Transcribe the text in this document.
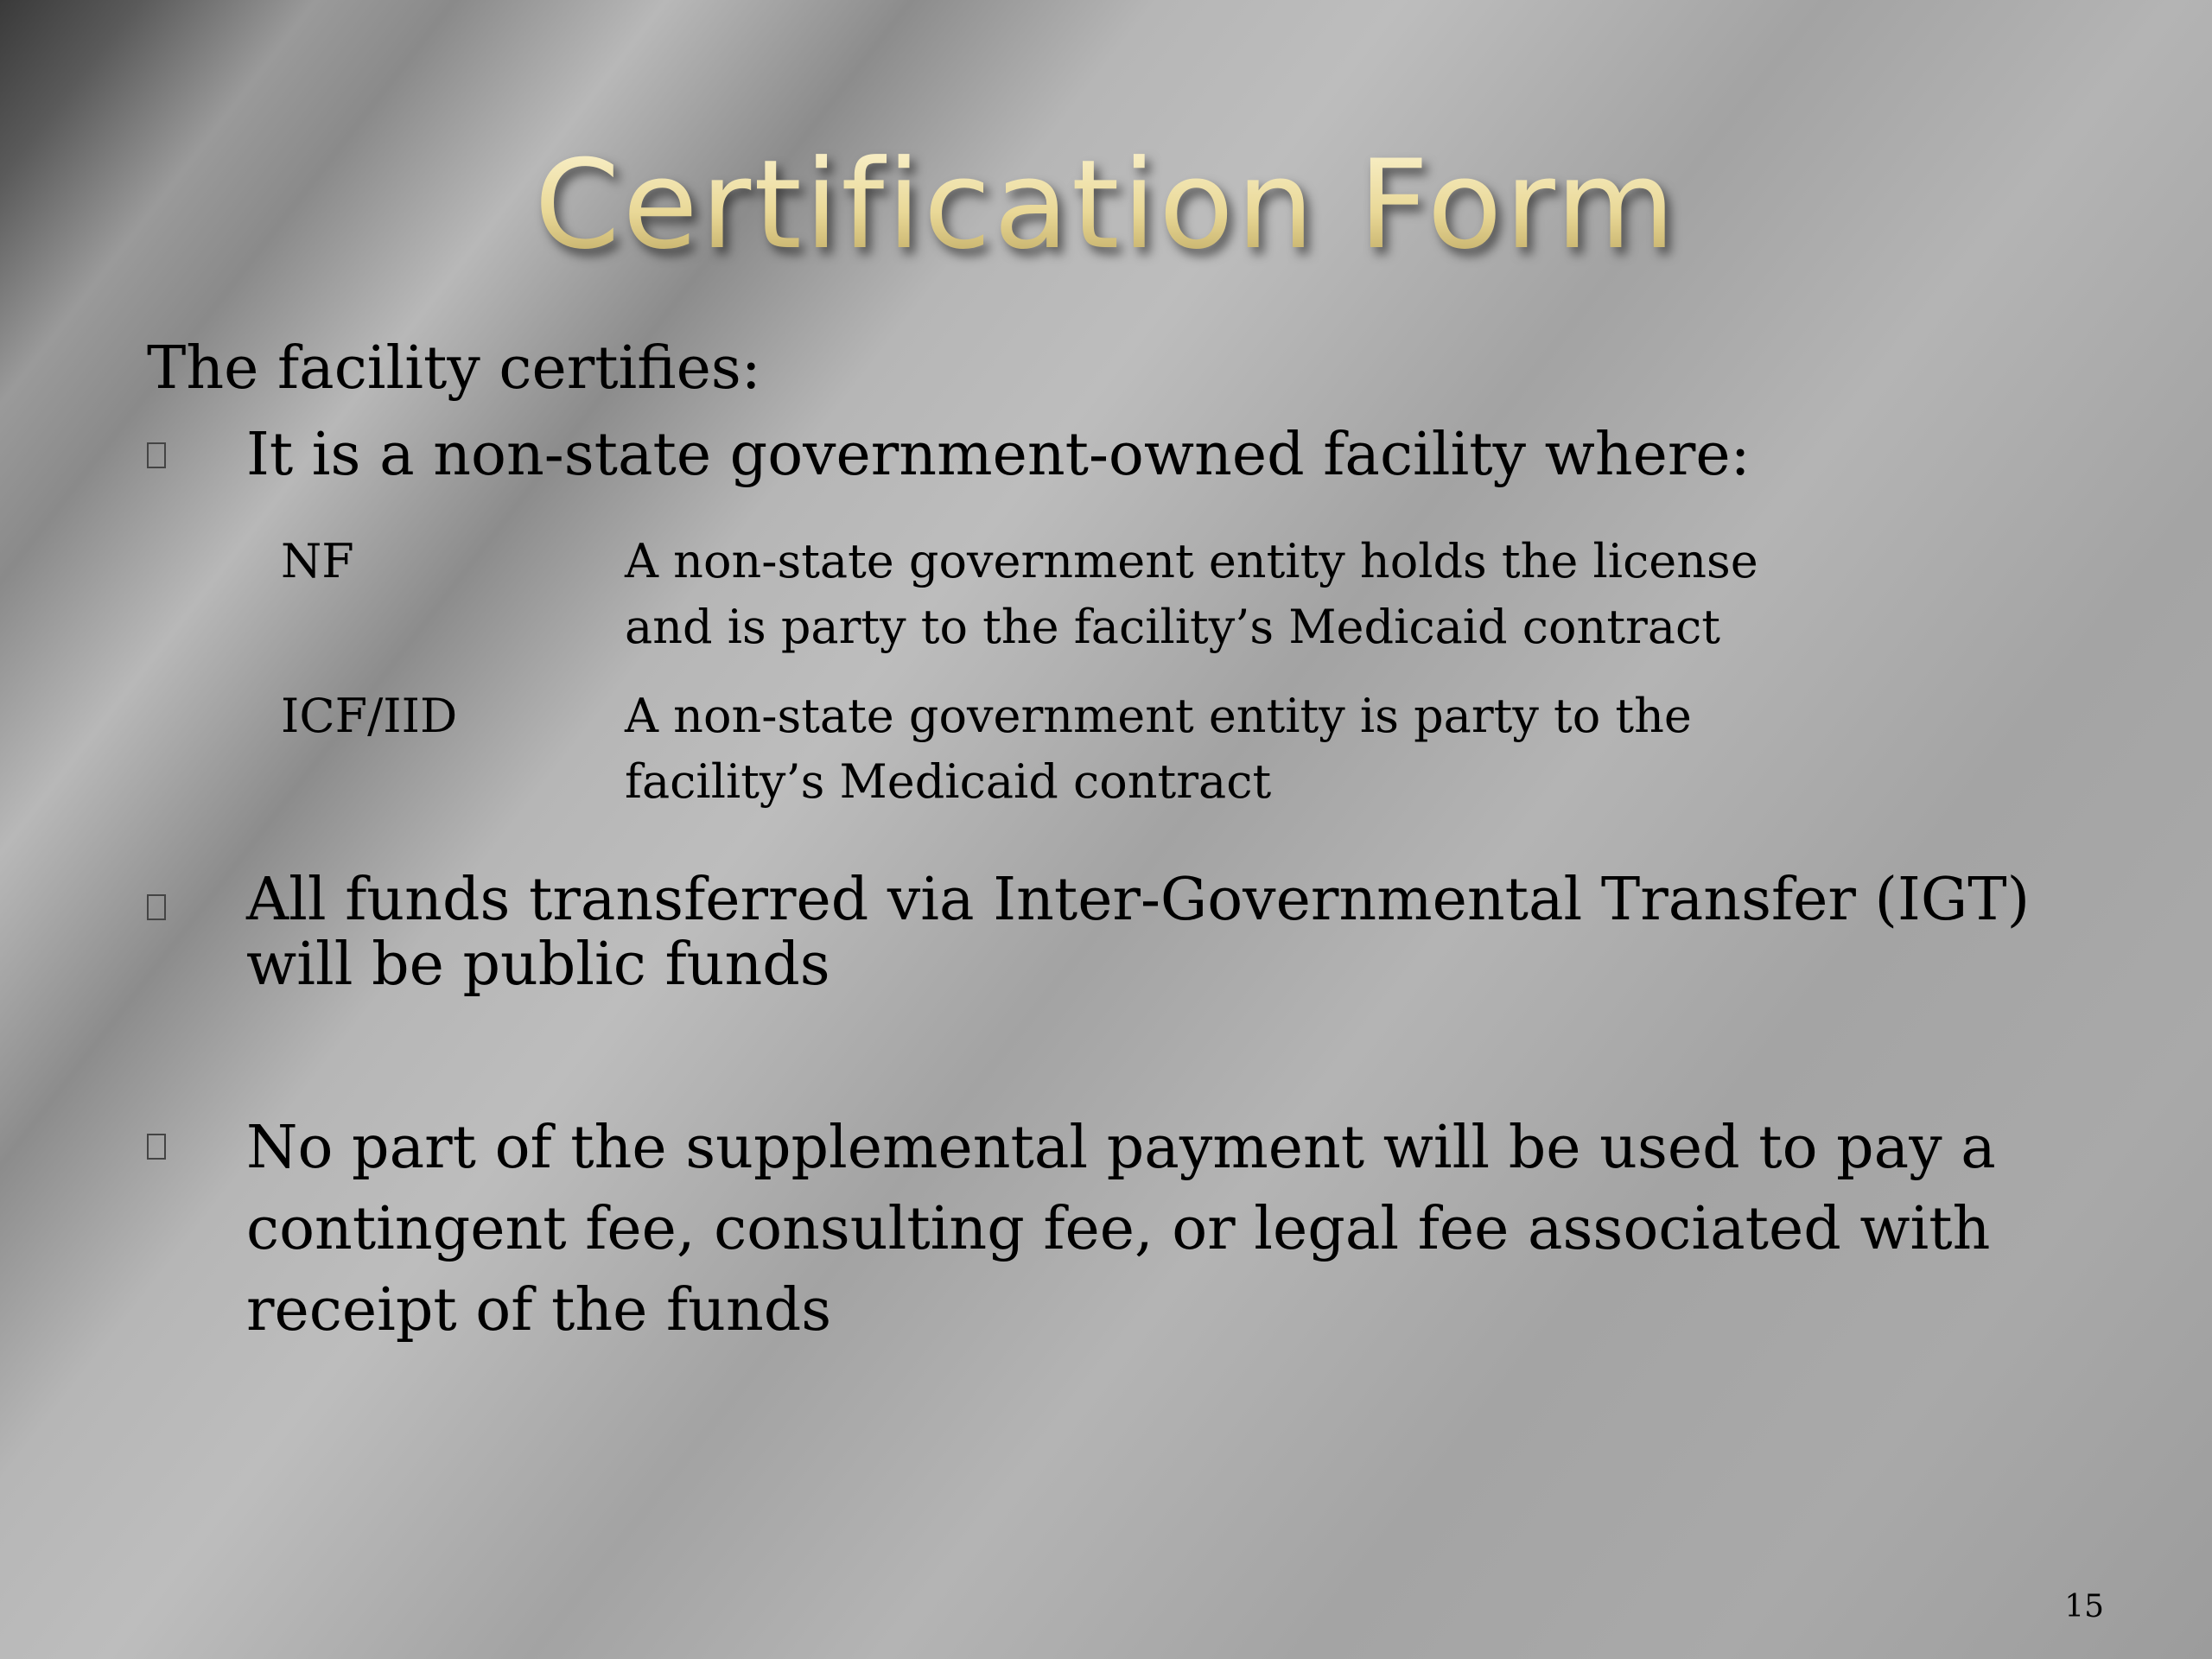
Certification Form
The facility certifies:
It is a non-state government-owned facility where:
NF	A non-state government entity holds the license
and is party to the facility’s Medicaid contract
ICF/IID	A non-state government entity is party to the
facility’s Medicaid contract
All funds transferred via Inter-Governmental Transfer (IGT) will be public funds
No part of the supplemental payment will be used to pay a contingent fee, consulting fee, or legal fee associated with receipt of the funds
15
